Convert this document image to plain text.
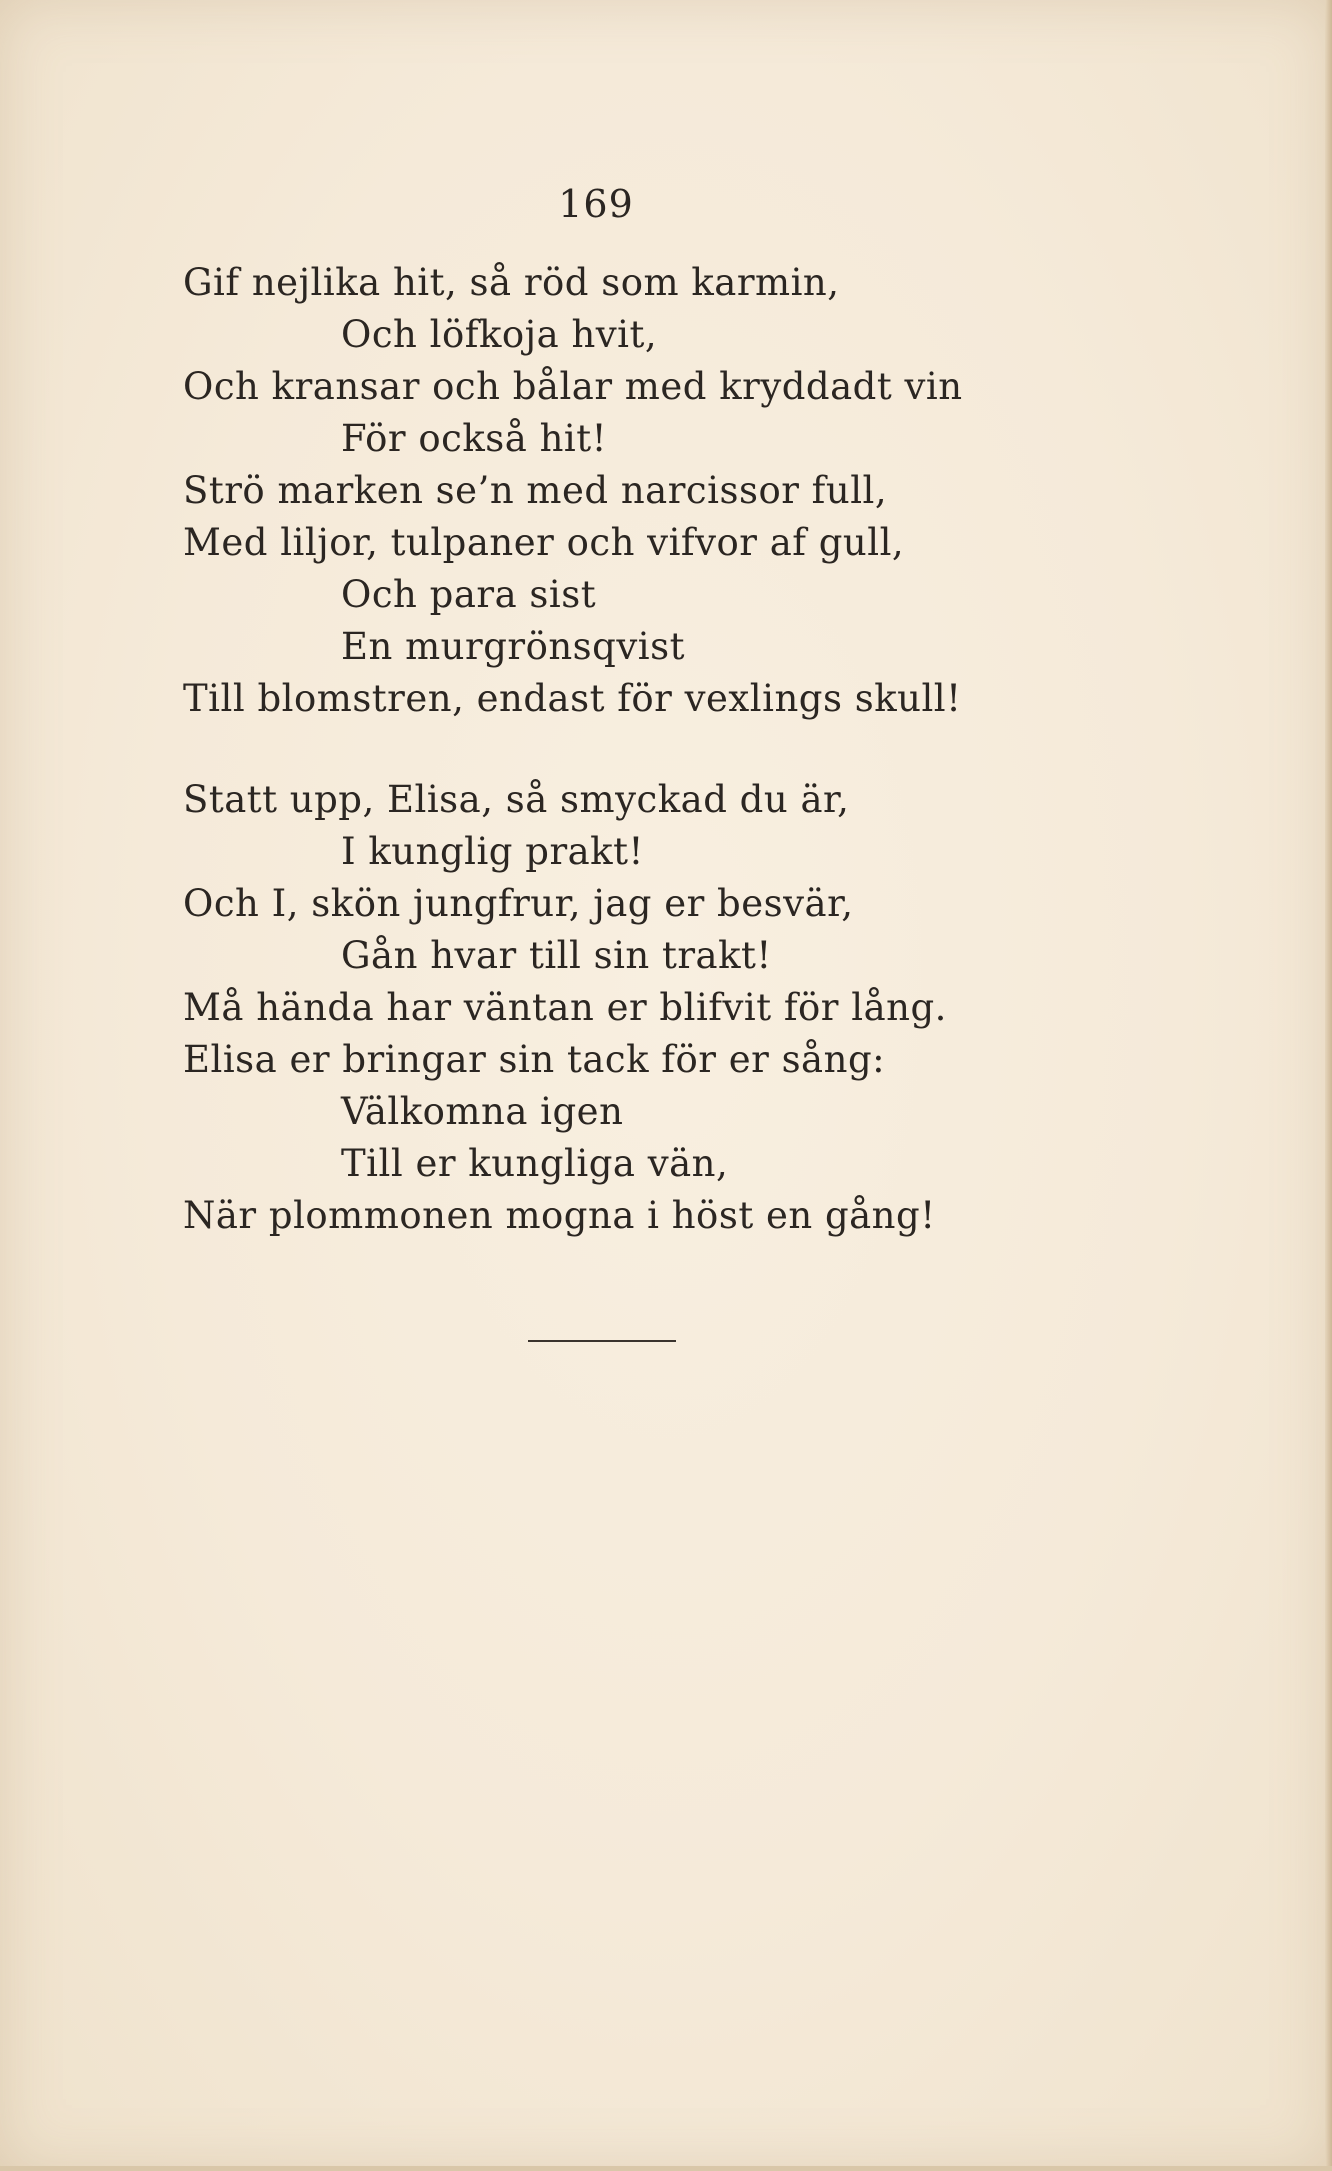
169
Gif nejlika hit, så röd som karmin,
Och löfkoja hvit,
Och kransar och bålar med kryddadt vin
För också hit!
Strö marken se’n med narcissor full,
Med liljor, tulpaner och vifvor af gull,
Och para sist
En murgrönsqvist
Till blomstren, endast för vexlings skull!
Statt upp, Elisa, så smyckad du är,
I kunglig prakt!
Och I, skön jungfrur, jag er besvär,
Gån hvar till sin trakt!
Må hända har väntan er blifvit för lång.
Elisa er bringar sin tack för er sång:
Välkomna igen
Till er kungliga vän,
När plommonen mogna i höst en gång!
